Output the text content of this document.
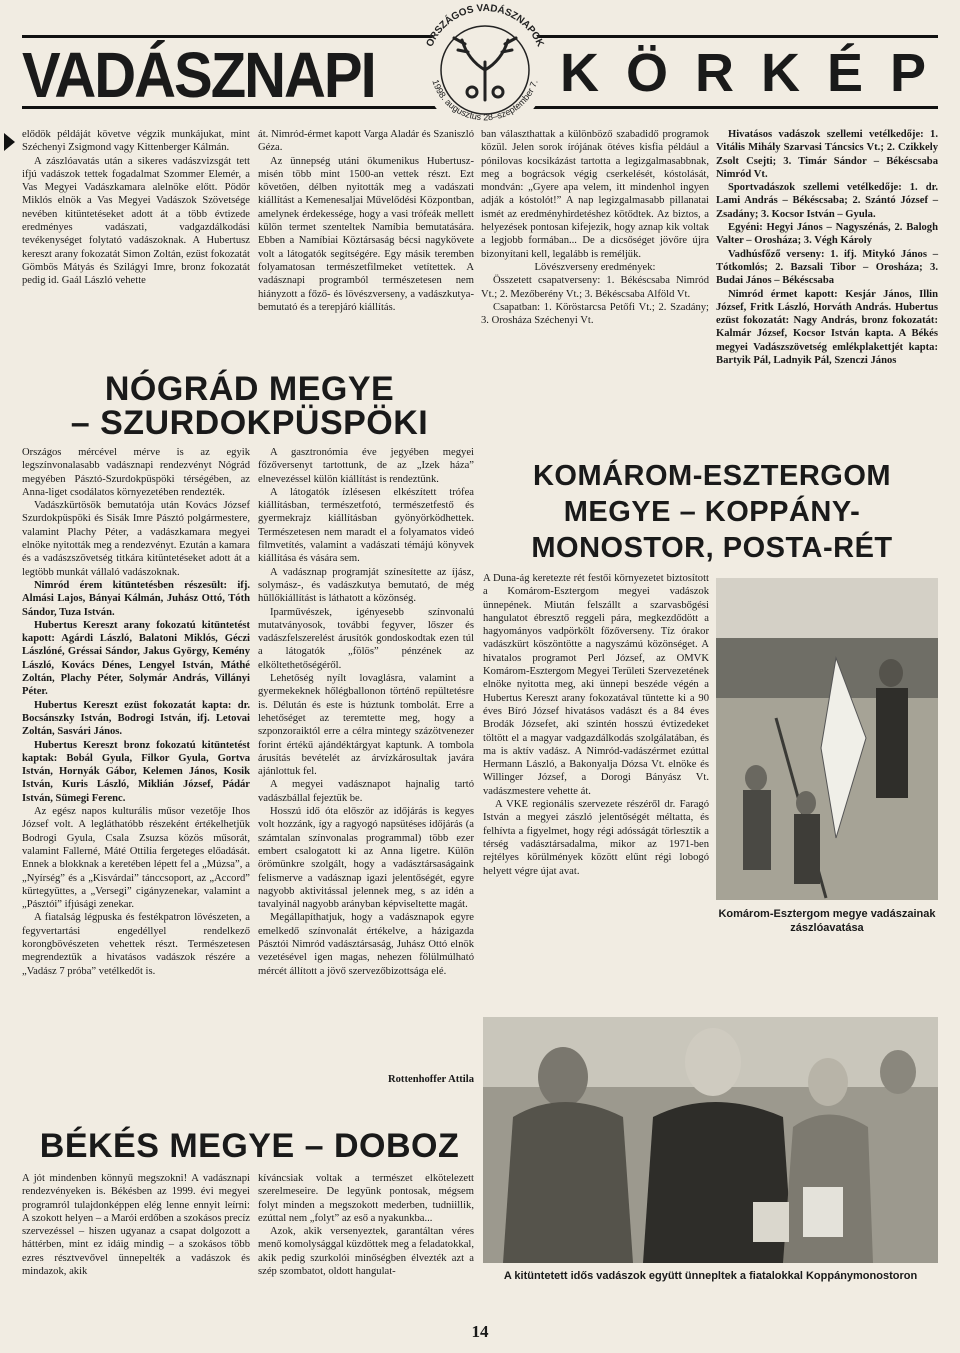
VADÁSZNAPI	K Ö R K É P
ORSZÁGOS VADÁSZNAPOK
1998. augusztus 28–szeptember 7.

elődök példáját követve végzik munkájukat, mint Széchenyi Zsigmond vagy Kittenberger Kálmán.

A zászlóavatás után a sikeres vadászvizsgát tett ifjú vadászok tettek fogadalmat Szommer Elemér, a Vas Megyei Vadászkamara alelnöke előtt. Pödör Miklós elnök a Vas Megyei Vadászok Szövetsége nevében kitüntetéseket adott át a több évtizede eredményes vadászati, vadgazdálkodási tevékenységet folytató vadászoknak. A Hubertusz kereszt arany fokozatát Simon Zoltán, ezüst fokozatát Gömbös Mátyás és Szilágyi Imre, bronz fokozatát pedig id. Gaál László vehette

át. Nimród-érmet kapott Varga Aladár és Szaniszló Géza.

Az ünnepség utáni ökumenikus Hubertusz-misén több mint 1500-an vettek részt. Ezt követően, délben nyitották meg a vadászati kiállítást a Kemenesaljai Művelődési Központban, amelynek érdekessége, hogy a vasi trófeák mellett külön termet szenteltek Namíbia bemutatására. Ebben a Namíbiai Köztársaság bécsi nagykövete volt a látogatók segítségére. Egy másik teremben folyamatosan természetfilmeket vetítettek. A vadásznapi programból természetesen nem hiányzott a főző- és lövészverseny, a vadászkutya-bemutató és a terepjáró kiállítás.

ban választhattak a különböző szabadidő programok közül. Jelen sorok írójának ötéves kisfia például a pónilovas kocsikázást tartotta a legizgalmasabbnak, meg a bográcsok végig cserkelését, kóstolását, mondván: „Gyere apa velem, itt mindenhol ingyen adják a kóstolót!” A nap legizgalmasabb pillanatai ismét az eredményhirdetéshez kötődtek. Az biztos, a helyezések pontosan kifejezik, hogy aznap kik voltak a legjobb formában... De a dicsőséget jövőre újra bizonyítani kell, legalább is reméljük.

Lövészverseny eredmények:

Összetett csapatverseny: 1. Békéscsaba Nimród Vt.; 2. Mezőberény Vt.; 3. Békéscsaba Alföld Vt.

Csapatban: 1. Köröstarcsa Petőfi Vt.; 2. Szadány; 3. Orosháza Széchenyi Vt.

Hivatásos vadászok szellemi vetélkedője: 1. Vitális Mihály Szarvasi Táncsics Vt.; 2. Czikkely Zsolt Csejti; 3. Timár Sándor – Békéscsaba Nimród Vt.

Sportvadászok szellemi vetélkedője: 1. dr. Lami András – Békéscsaba; 2. Szántó József – Zsadány; 3. Kocsor István – Gyula.

Egyéni: Hegyi János – Nagyszénás, 2. Balogh Valter – Orosháza; 3. Végh Károly

Vadhúsfőző verseny: 1. ifj. Mitykó János – Tótkomlós; 2. Bazsali Tibor – Orosháza; 3. Budai János – Békéscsaba

Nimród érmet kapott: Kesjár János, Illin József, Fritk László, Horváth András. Hubertus ezüst fokozatát: Nagy András, bronz fokozatát: Kalmár József, Kocsor István kapta. A Békés megyei Vadászszövetség emlékplakettjét kapta: Bartyik Pál, Ladnyik Pál, Szenczi János

NÓGRÁD MEGYE
– SZURDOKPÜSPÖKI

Országos mércével mérve is az egyik legszínvonalasabb vadásznapi rendezvényt Nógrád megyében Pásztó-Szurdokpüspöki térségében, az Anna-liget csodálatos környezetében rendezték.

Vadászkürtösök bemutatója után Kovács József Szurdokpüspöki és Sisák Imre Pásztó polgármestere, valamint Plachy Péter, a vadászkamara megyei elnöke nyitották meg a rendezvényt. Ezután a kamara és a vadászszövetség titkára kitüntetéseket adott át a legtöbb munkát vállaló vadászoknak.

Nimród érem kitüntetésben részesült: ifj. Almási Lajos, Bányai Kálmán, Juhász Ottó, Tóth Sándor, Tuza István.

Hubertus Kereszt arany fokozatú kitüntetést kapott: Agárdi László, Balatoni Miklós, Géczi Lászlóné, Gréssai Sándor, Jakus György, Kemény László, Kovács Dénes, Lengyel István, Máthé Zoltán, Plachy Péter, Solymár András, Villányi Péter.

Hubertus Kereszt ezüst fokozatát kapta: dr. Bocsánszky István, Bodrogi István, ifj. Letovai Zoltán, Sasvári János.

Hubertus Kereszt bronz fokozatú kitüntetést kaptak: Bobál Gyula, Filkor Gyula, Gortva István, Hornyák Gábor, Kelemen János, Kosik István, Kuris László, Miklián József, Pádár István, Sümegi Ferenc.

Az egész napos kulturális műsor vezetője Ihos József volt. A legláthatóbb részeként értékelhetjük Bodrogi Gyula, Csala Zsuzsa közös műsorát, valamint Fallerné, Máté Ottilia fergeteges előadását. Ennek a blokknak a keretében lépett fel a „Múzsa”, a „Nyírség” és a „Kisvárdai” tánccsoport, az „Accord” kürtegyüttes, a „Versegi” cigányzenekar, valamint a „Pásztói” ifjúsági zenekar.

A fiatalság légpuska és festékpatron lövészeten, a fegyvertartási engedéllyel rendelkező korongbövészeten vehettek részt. Természetesen megrendeztük a hivatásos vadászok részére a „Vadász 7 próba” vetélkedőt is.

A gasztronómia éve jegyében megyei főzőversenyt tartottunk, de az „Izek háza” elnevezéssel külön kiállítást is rendeztünk.

A látogatók ízlésesen elkészített trófea kiállításban, természetfotó, természetfestő és gyermekrajz kiállításban gyönyörködhettek. Természetesen nem maradt el a folyamatos videó filmvetítés, valamint a vadászati témájú könyvek kiállítása és vására sem.

A vadásznap programját színesítette az íjász, solymász-, és vadászkutya bemutató, de még hüllőkiállítást is láthatott a közönség.

Iparművészek, igényesebb színvonalú mutatványosok, további fegyver, lőszer és vadászfelszerelést árusítók gondoskodtak ezen túl a látogatók „fölös” pénzének az elköltethetőségéről.

Lehetőség nyílt lovaglásra, valamint a gyermekeknek hőlégballonon történő repültetésre is. Délután és este is húztunk tombolát. Erre a lehetőséget az teremtette meg, hogy a szponzoraiktól erre a célra mintegy százötvenezer forint értékű ajándéktárgyat kaptunk. A tombola árusítás bevételét az árvízkárosultak javára ajánlottuk fel.

A megyei vadásznapot hajnalig tartó vadászbállal fejeztük be.

Hosszú idő óta először az időjárás is kegyes volt hozzánk, így a ragyogó napsütéses időjárás (a számtalan színvonalas programmal) több ezer embert csalogatott ki az Anna ligetre. Külön örömünkre szolgált, hogy a vadásztársaságaink felismerve a vadásznap igazi jelentőségét, egyre nagyobb aktivitással jelennek meg, s az idén a tavalyinál nagyobb arányban képviseltette magát.

Megállapíthatjuk, hogy a vadásznapok egyre emelkedő színvonalát értékelve, a házigazda Pásztói Nimród vadásztársaság, Juhász Ottó elnök vezetésével igen magas, nehezen fölülmúlható mércét állított a jövő szervezőbizottsága elé.

Rottenhoffer Attila
KOMÁROM-ESZTERGOM
MEGYE – KOPPÁNY-
MONOSTOR, POSTA-RÉT

A Duna-ág keretezte rét festői környezetet biztosított a Komárom-Esztergom megyei vadászok ünnepének. Miután felszállt a szarvasbőgési hangulatot ébresztő reggeli pára, megkezdődött a hagyományos vadpörkölt főzőverseny. Tíz órakor vadászkürt köszöntötte a nagyszámú közönséget. A hivatalos programot Perl József, az OMVK Komárom-Esztergom Megyei Területi Szervezetének elnöke nyitotta meg, aki ünnepi beszéde végén a Hubertus Kereszt arany fokozatával tüntette ki a 90 éves Bíró József hivatásos vadászt és a 84 éves Brodák Józsefet, aki szintén hosszú évtizedeket töltött el a magyar vadgazdálkodás szolgálatában, és ma is aktív vadász. A Nimród-vadászérmet ezúttal Hermann László, a Bakonyalja Dózsa Vt. elnöke és Willinger József, a Dorogi Bányász Vt. vadászmestere vehette át.

A VKE regionális szervezete részéről dr. Faragó István a megyei zászló jelentőségét méltatta, és felhívta a figyelmet, hogy régi adósságát törlesztik a térség vadásztársadalma, mikor az 1971-ben rejtélyes körülmények között elűnt régi lobogó helyett végre újat avat.

Komárom-Esztergom megye vadászainak zászlóavatása
A kitüntetett idős vadászok együtt ünnepltek a fiatalokkal Koppánymonostoron
BÉKÉS MEGYE – DOBOZ

A jót mindenben könnyű megszokni! A vadásznapi rendezvényeken is. Békésben az 1999. évi megyei programról tulajdonképpen elég lenne ennyit leírni: A szokott helyen – a Marói erdőben a szokásos precíz szervezéssel – hiszen ugyanaz a csapat dolgozott a háttérben, mint ez idáig mindig – a szokásos több ezres résztvevővel ünnepelték a vadászok és mindazok, akik

kíváncsiak voltak a természet elkötelezett szerelmeseire. De legyünk pontosak, mégsem folyt minden a megszokott mederben, tudniillik, ezúttal nem „folyt” az eső a nyakunkba...

Azok, akik versenyeztek, garantáltan véres menő komolysággal küzdöttek meg a feladatokkal, akik pedig szurkolói minőségben élvezték azt a szép szombatot, oldott hangulat-

14
